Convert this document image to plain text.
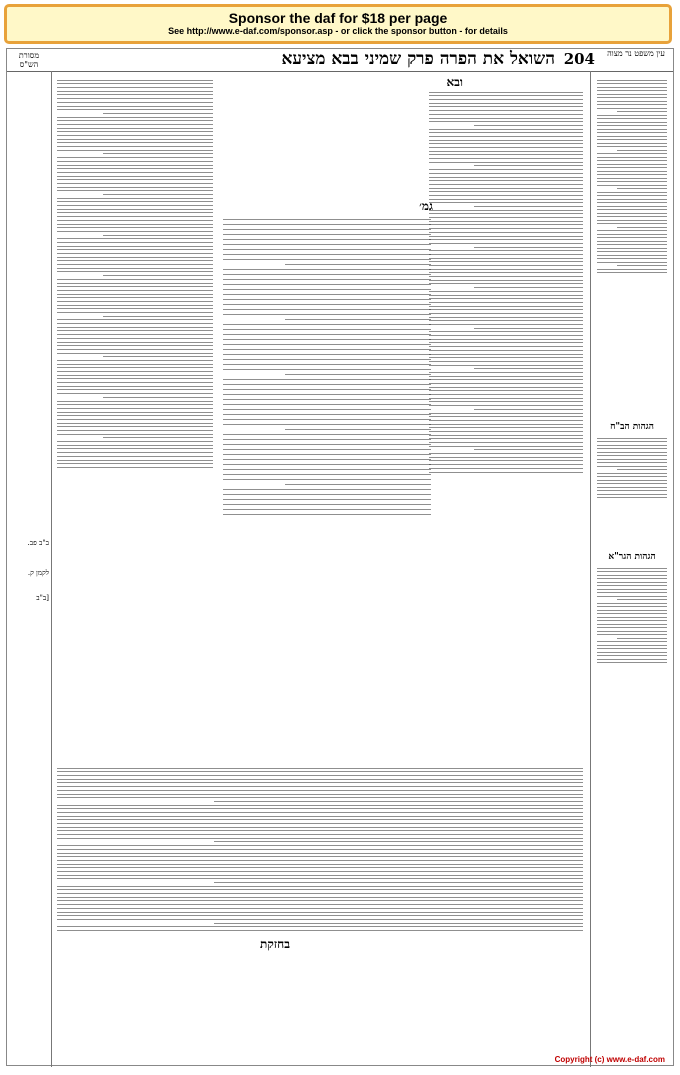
Sponsor the daf for $18 per page
See http://www.e-daf.com/sponsor.asp - or click the sponsor button - for details
מסורת הש"ס	השואל את הפרה פרק שמיני בבא מציעא 204	עין משפט נר מצוה
ב"ב פב.
לקמן ק.
[ב"ב
ובא
גמ׳
הגהות הב"ח
הגהות הגר"א
בחזקת
Copyright (c) www.e-daf.com
